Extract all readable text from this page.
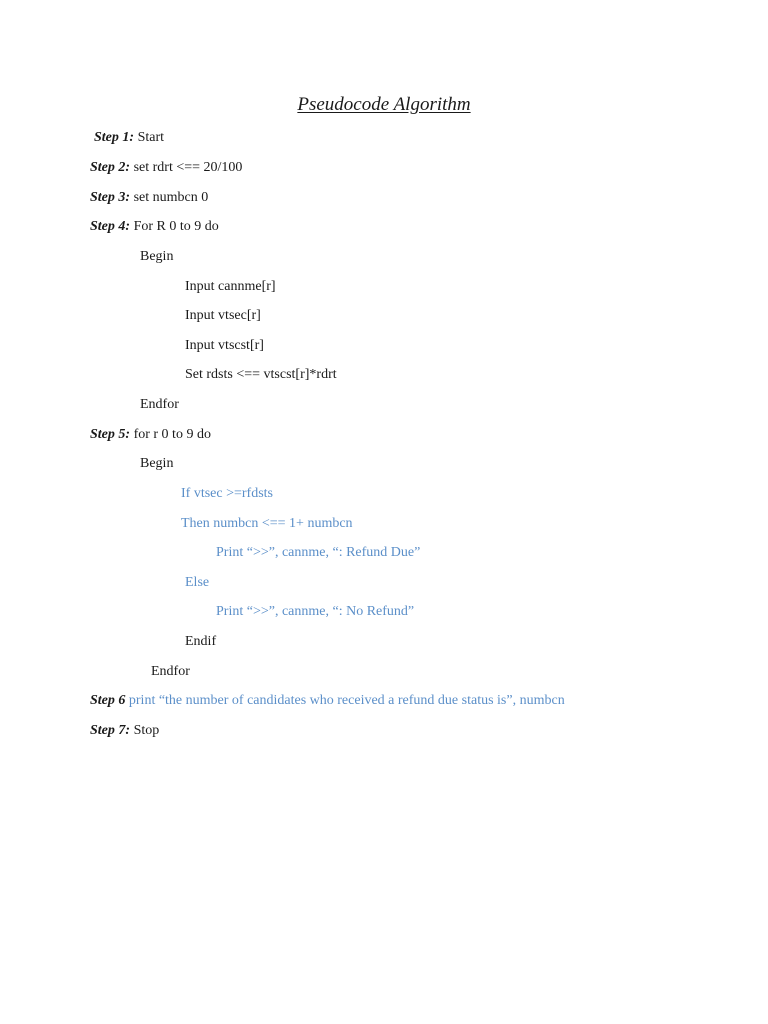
Pseudocode Algorithm
Step 1: Start
Step 2: set rdrt <== 20/100
Step 3: set numbcn 0
Step 4: For R 0 to 9 do
Begin
Input cannme[r]
Input vtsec[r]
Input vtscst[r]
Set rdsts <== vtscst[r]*rdrt
Endfor
Step 5: for r 0 to 9 do
Begin
If vtsec >=rfdsts
Then numbcn <== 1+ numbcn
Print “>>”, cannme, “: Refund Due”
Else
Print “>>”, cannme, “: No Refund”
Endif
Endfor
Step 6 print “the number of candidates who received a refund due status is”, numbcn
Step 7: Stop
